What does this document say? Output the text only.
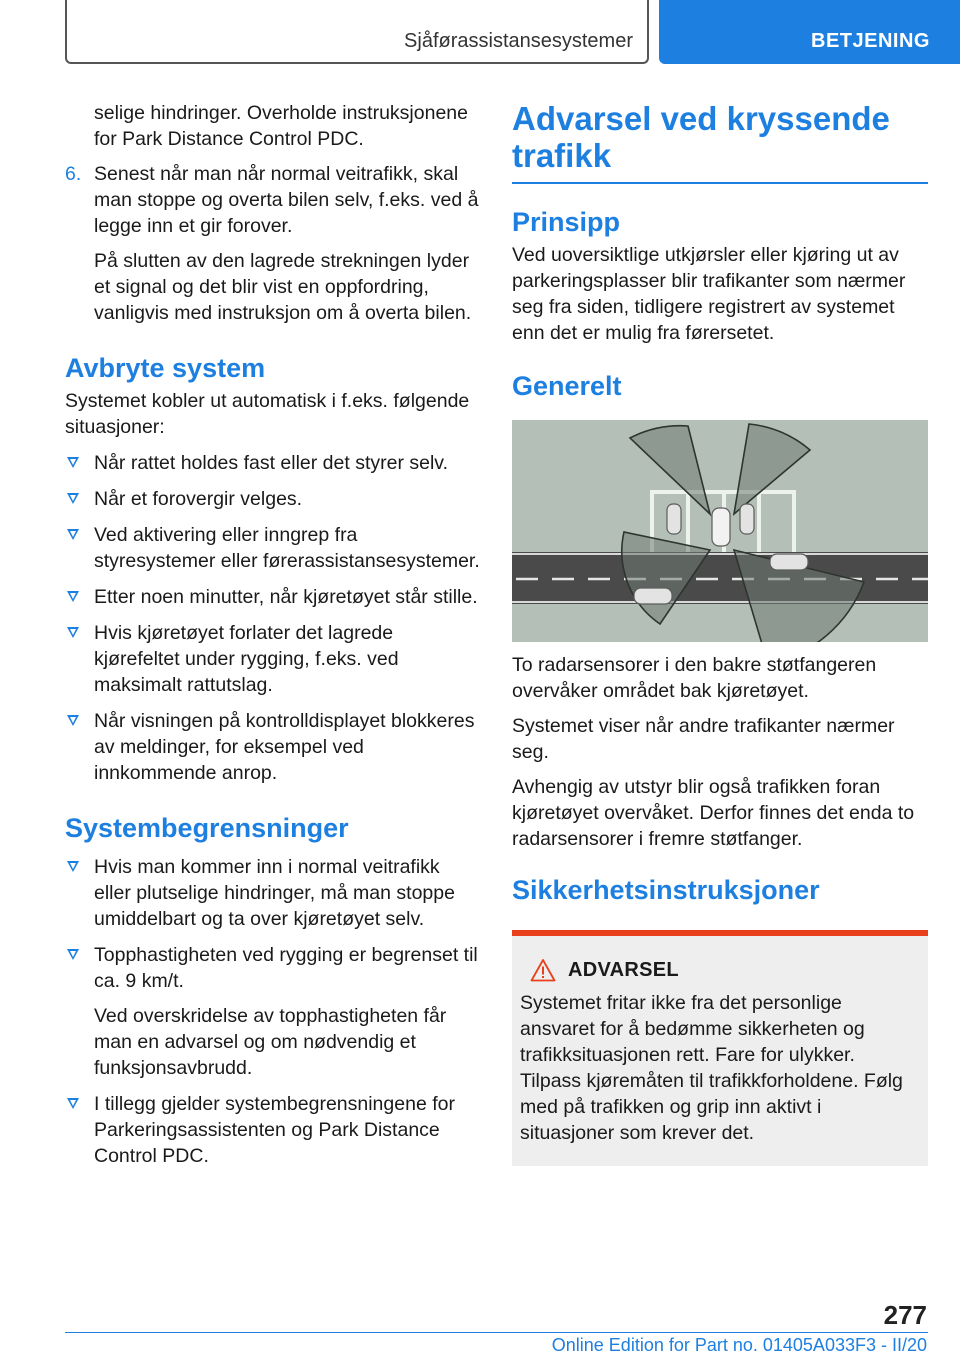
Sjåførassistansesystemer	BETJENING

selige hindringer. Overholde instruksjonene for Park Distance Control PDC.

6. Senest når man når normal veitrafikk, skal man stoppe og overta bilen selv, f.eks. ved å legge inn et gir forover.

På slutten av den lagrede strekningen lyder et signal og det blir vist en oppfordring, vanligvis med instruksjon om å overta bilen.

Avbryte system

Systemet kobler ut automatisk i f.eks. følgende situasjoner:

Når rattet holdes fast eller det styrer selv.

Når et forovergir velges.

Ved aktivering eller inngrep fra styresystemer eller førerassistansesystemer.

Etter noen minutter, når kjøretøyet står stille.

Hvis kjøretøyet forlater det lagrede kjørefeltet under rygging, f.eks. ved maksimalt rattutslag.

Når visningen på kontrolldisplayet blokkeres av meldinger, for eksempel ved innkommende anrop.

Systembegrensninger

Hvis man kommer inn i normal veitrafikk eller plutselige hindringer, må man stoppe umiddelbart og ta over kjøretøyet selv.

Topphastigheten ved rygging er begrenset til ca. 9 km/t.

Ved overskridelse av topphastigheten får man en advarsel og om nødvendig et funksjonsavbrudd.

I tillegg gjelder systembegrensningene for Parkeringsassistenten og Park Distance Control PDC.

Advarsel ved kryssende trafikk
Prinsipp

Ved uoversiktlige utkjørsler eller kjøring ut av parkeringsplasser blir trafikanter som nærmer seg fra siden, tidligere registrert av systemet enn det er mulig fra førersetet.

Generelt

To radarsensorer i den bakre støtfangeren overvåker området bak kjøretøyet.

Systemet viser når andre trafikanter nærmer seg.

Avhengig av utstyr blir også trafikken foran kjøretøyet overvåket. Derfor finnes det enda to radarsensorer i fremre støtfanger.

Sikkerhetsinstruksjoner
ADVARSEL

Systemet fritar ikke fra det personlige ansvaret for å bedømme sikkerheten og trafikksituasjonen rett. Fare for ulykker. Tilpass kjøremåten til trafikkforholdene. Følg med på trafikken og grip inn aktivt i situasjoner som krever det.

277
Online Edition for Part no. 01405A033F3 - II/20
